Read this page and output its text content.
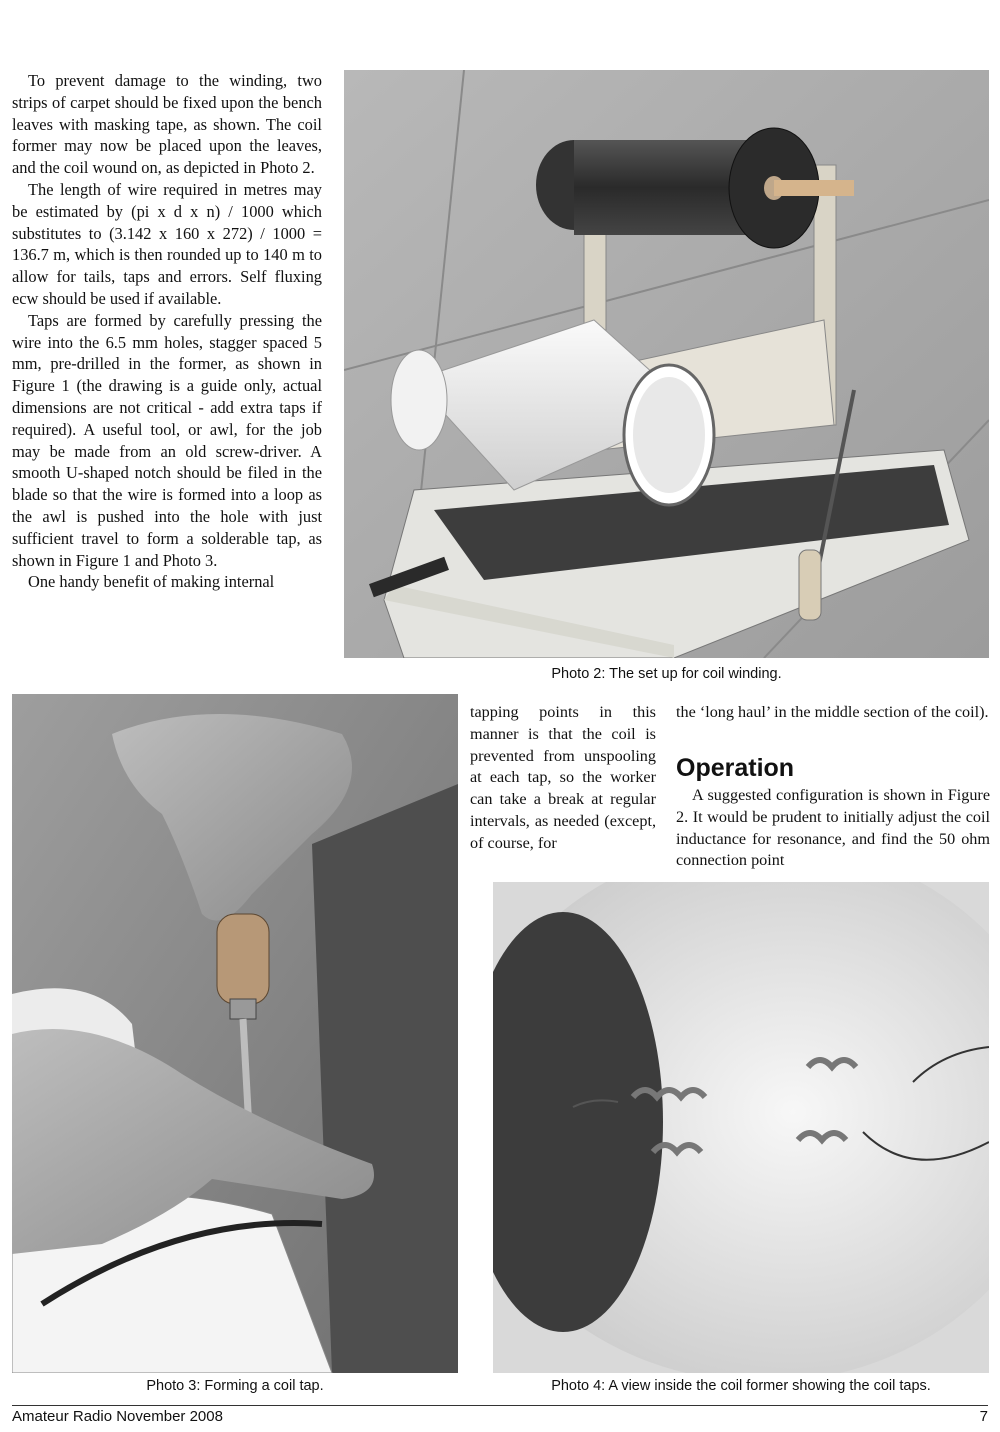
To prevent damage to the winding, two strips of carpet should be fixed upon the bench leaves with masking tape, as shown. The coil former may now be placed upon the leaves, and the coil wound on, as depicted in Photo 2.

The length of wire required in metres may be estimated by (pi x d x n) / 1000 which substitutes to (3.142 x 160 x 272) / 1000 = 136.7 m, which is then rounded up to 140 m to allow for tails, taps and errors. Self fluxing ecw should be used if available.

Taps are formed by carefully pressing the wire into the 6.5 mm holes, stagger spaced 5 mm, pre-drilled in the former, as shown in Figure 1 (the drawing is a guide only, actual dimensions are not critical - add extra taps if required). A useful tool, or awl, for the job may be made from an old screw-driver. A smooth U-shaped notch should be filed in the blade so that the wire is formed into a loop as the awl is pushed into the hole with just sufficient travel to form a solderable tap, as shown in Figure 1 and Photo 3.

One handy benefit of making internal

Photo 2: The set up for coil winding.
Photo 3: Forming a coil tap.

tapping points in this manner is that the coil is prevented from unspooling at each tap, so the worker can take a break at regular intervals, as needed (except, of course, for

the ‘long haul’ in the middle section of the coil).

Operation

A suggested configuration is shown in Figure 2. It would be prudent to initially adjust the coil inductance for resonance, and find the 50 ohm connection point

Photo 4: A view inside the coil former showing the coil taps.
Amateur Radio November 2008	7
